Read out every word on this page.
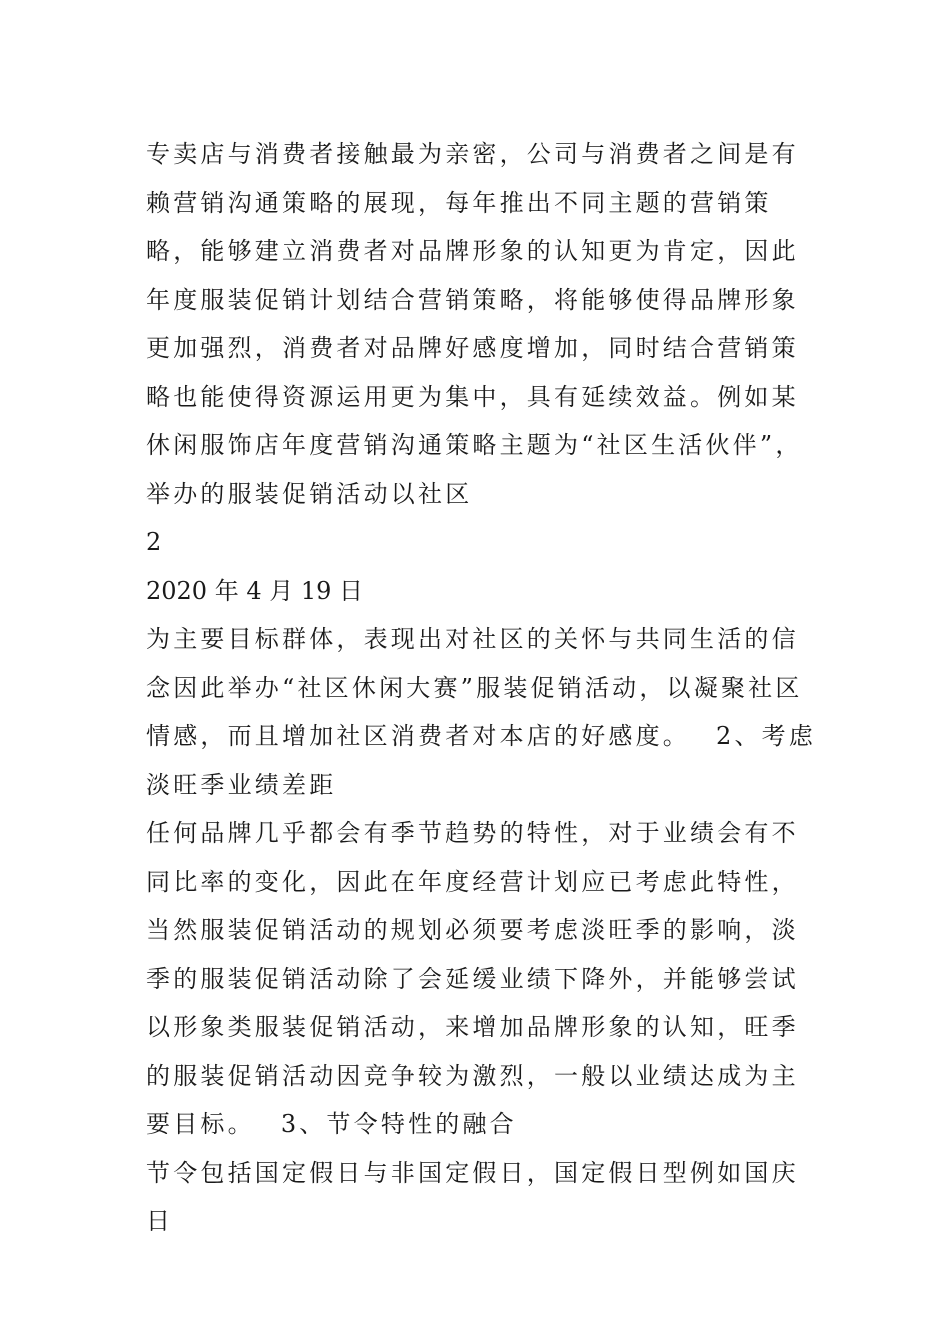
专卖店与消费者接触最为亲密，公司与消费者之间是有赖营销沟通策略的展现，每年推出不同主题的营销策略，能够建立消费者对品牌形象的认知更为肯定，因此年度服装促销计划结合营销策略，将能够使得品牌形象更加强烈，消费者对品牌好感度增加，同时结合营销策略也能使得资源运用更为集中，具有延续效益。例如某休闲服饰店年度营销沟通策略主题为“社区生活伙伴”，举办的服装促销活动以社区

2

2020 年 4 月 19 日

为主要目标群体，表现出对社区的关怀与共同生活的信念因此举办“社区休闲大赛”服装促销活动，以凝聚社区情感，而且增加社区消费者对本店的好感度。 2、考虑淡旺季业绩差距

任何品牌几乎都会有季节趋势的特性，对于业绩会有不同比率的变化，因此在年度经营计划应已考虑此特性，当然服装促销活动的规划必须要考虑淡旺季的影响，淡季的服装促销活动除了会延缓业绩下降外，并能够尝试以形象类服装促销活动，来增加品牌形象的认知，旺季的服装促销活动因竞争较为激烈，一般以业绩达成为主要目标。 3、节令特性的融合

节令包括国定假日与非国定假日，国定假日型例如国庆日
